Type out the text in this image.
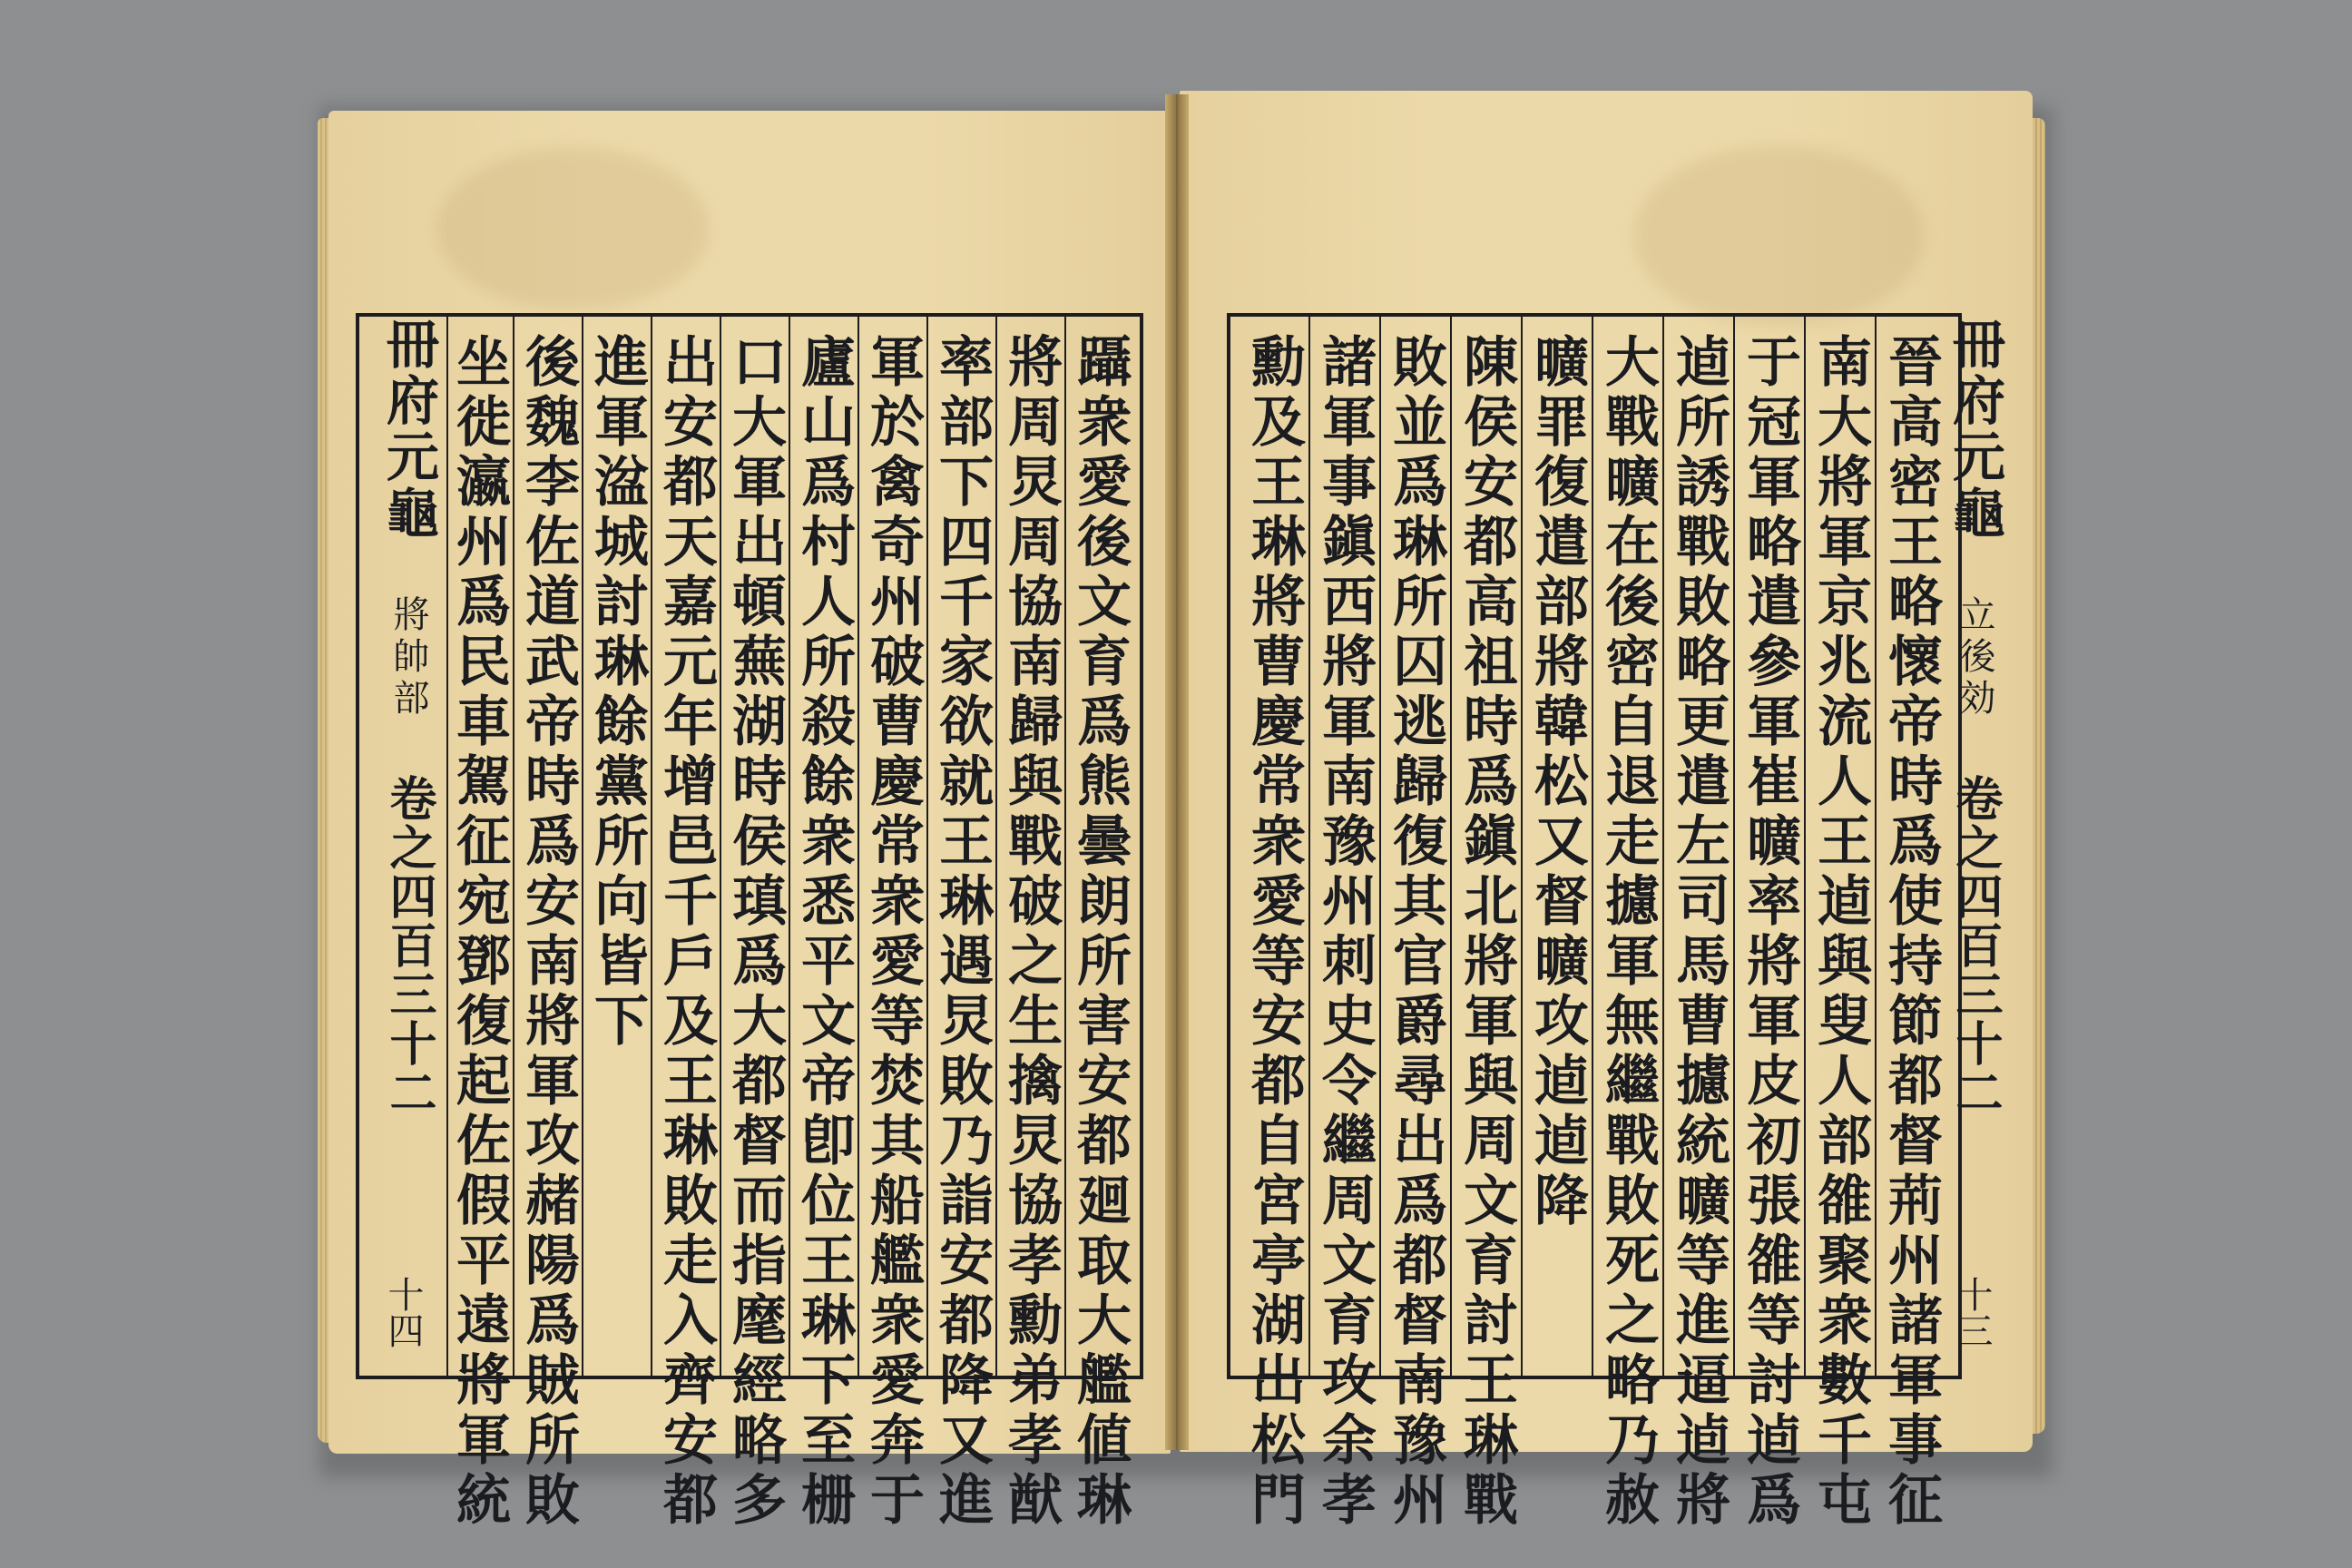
冊府元龜 將帥部 卷之四百三十二
十四	躡衆愛後文育爲熊曇朗所害安都廻取大艦値琳
將周炅周協南歸與戰破之生擒炅協孝勳弟孝猷
率部下四千家欲就王琳遇炅敗乃詣安都降又進
軍於禽奇州破曹慶常衆愛等焚其船艦衆愛奔于
廬山爲村人所殺餘衆悉平文帝卽位王琳下至栅
口大軍出頓蕪湖時侯瑱爲大都督而指麾經略多
出安都天嘉元年增邑千戶及王琳敗走入齊安都
進軍湓城討琳餘黨所向皆下
後魏李佐道武帝時爲安南將軍攻赭陽爲賊所敗
坐徙瀛州爲民車駕征宛鄧復起佐假平遠將軍統	冊府元龜 立後効 卷之四百三十二
十三
晉高密王略懷帝時爲使持節都督荊州諸軍事征
南大將軍京兆流人王逌與叟人部雒聚衆數千屯
于冠軍略遣參軍崔曠率將軍皮初張雒等討逌爲
逌所誘戰敗略更遣左司馬曹攄統曠等進逼逌將
大戰曠在後密自退走攄軍無繼戰敗死之略乃赦
曠罪復遣部將韓松又督曠攻逌逌降
陳侯安都高祖時爲鎭北將軍與周文育討王琳戰
敗並爲琳所囚逃歸復其官爵尋出爲都督南豫州
諸軍事鎭西將軍南豫州刺史令繼周文育攻余孝
勳及王琳將曹慶常衆愛等安都自宮亭湖出松門
